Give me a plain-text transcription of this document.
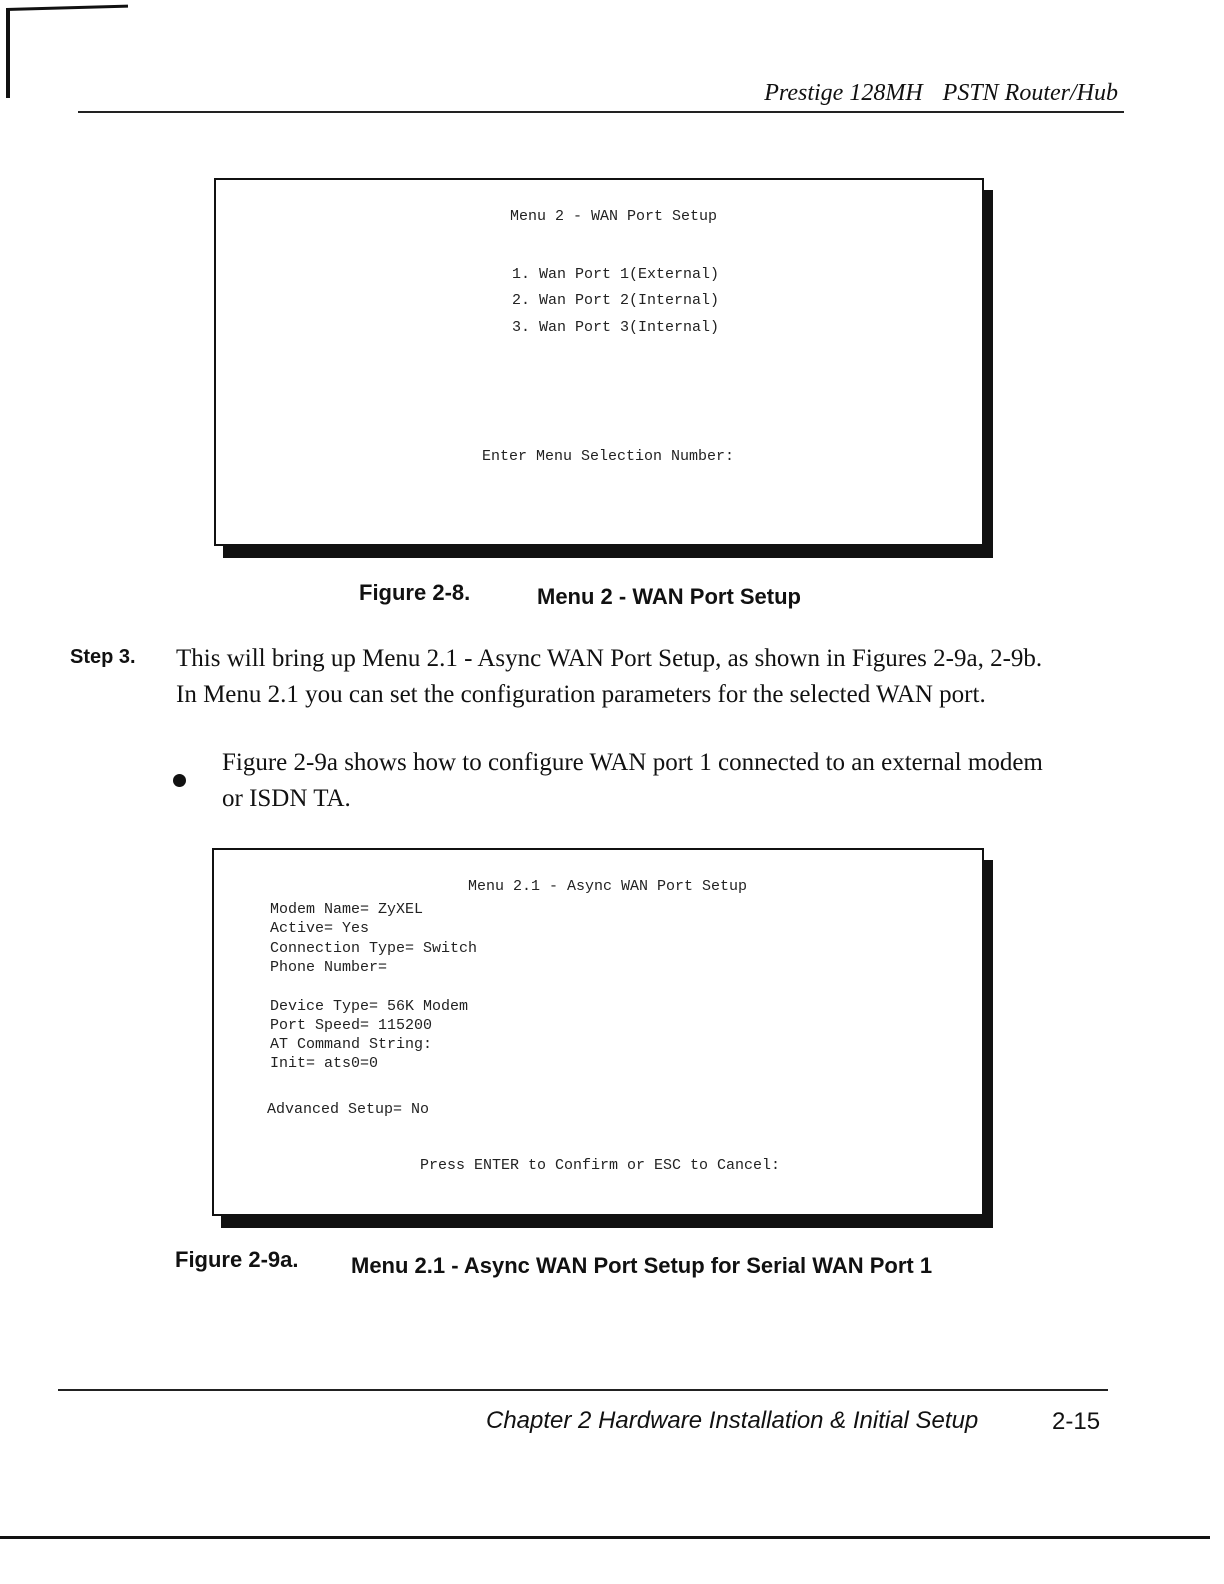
Prestige 128MH PSTN Router/Hub
Menu 2 - WAN Port Setup
1. Wan Port 1(External)
2. Wan Port 2(Internal)
3. Wan Port 3(Internal)
Enter Menu Selection Number:
Figure 2-8.	Menu 2 - WAN Port Setup
Step 3. This will bring up Menu 2.1 - Async WAN Port Setup, as shown in Figures 2-9a, 2-9b.
In Menu 2.1 you can set the configuration parameters for the selected WAN port.
Figure 2-9a shows how to configure WAN port 1 connected to an external modem
or ISDN TA.
Menu 2.1 - Async WAN Port Setup
Modem Name= ZyXEL
Active= Yes
Connection Type= Switch
Phone Number=
Device Type= 56K Modem
Port Speed= 115200
AT Command String:
Init= ats0=0
Advanced Setup= No
Press ENTER to Confirm or ESC to Cancel:
Figure 2-9a. Menu 2.1 - Async WAN Port Setup for Serial WAN Port 1
Chapter 2 Hardware Installation & Initial Setup	2-15
